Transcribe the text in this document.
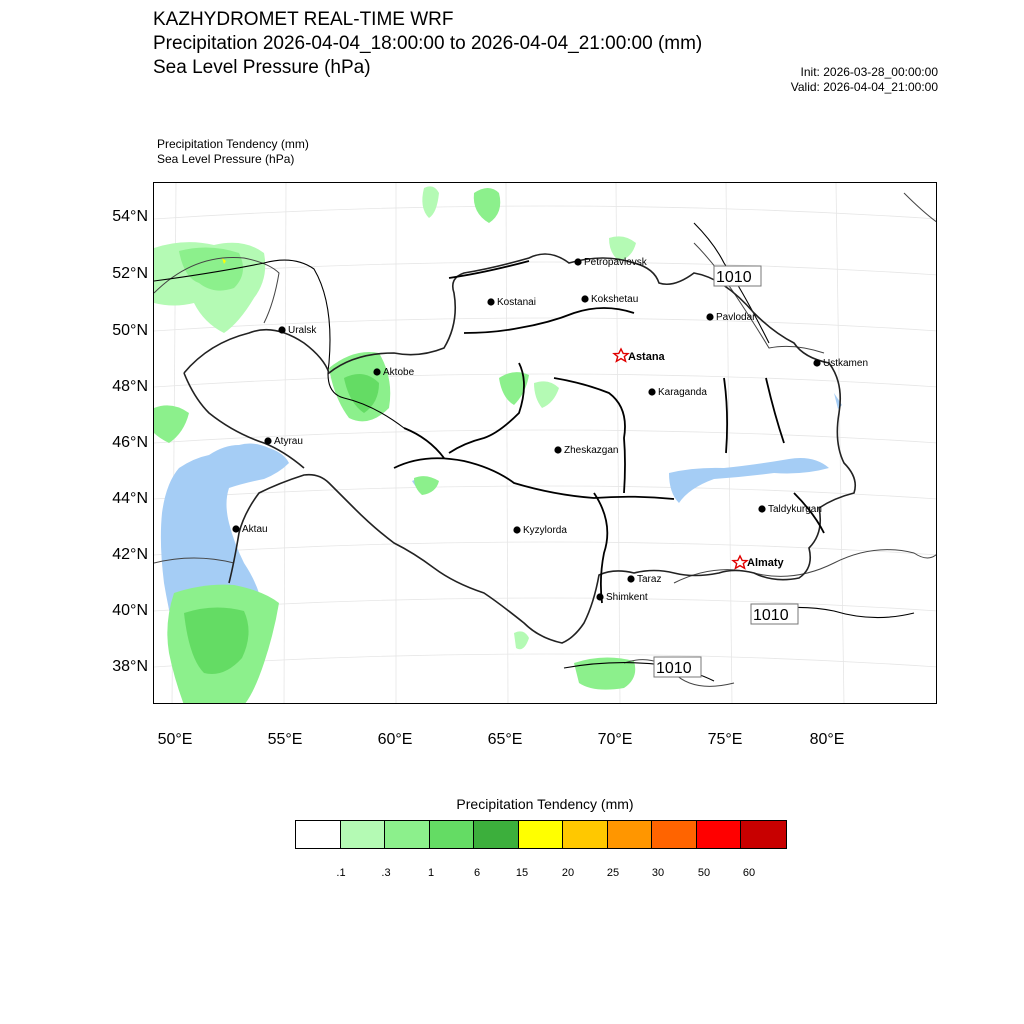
KAZHYDROMET REAL-TIME WRF
Precipitation 2026-04-04_18:00:00 to 2026-04-04_21:00:00 (mm)
Sea Level Pressure (hPa)	Init: 2026-03-28_00:00:00
Valid: 2026-04-04_21:00:00
Precipitation Tendency (mm)
Sea Level Pressure (hPa)
Petropavlovsk
Kostanai	Kokshetau
Pavlodar
Uralsk
Astana
Aktobe
Ustkamen
Karaganda
Atyrau
Zheskazgan
Taldykurgan
Aktau	Kyzylorda
Almaty
Taraz
Shimkent
1010
1010
1010
54°N
52°N
50°N
48°N
46°N
44°N
42°N
40°N
38°N
50°E	55°E	60°E	65°E	70°E	75°E	80°E
Precipitation Tendency (mm)
.1	.3	1	6	15	20	25	30	50	60
